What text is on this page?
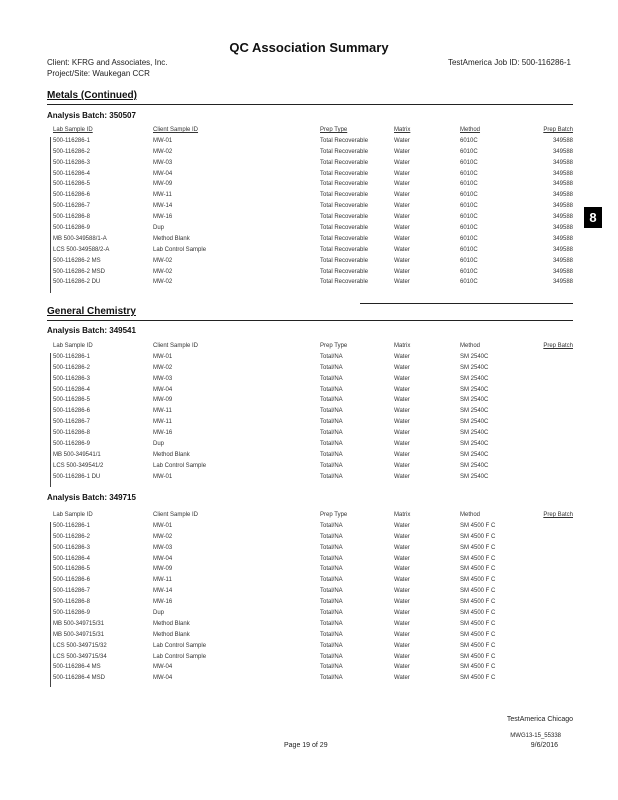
QC Association Summary
Client: KFRG and Associates, Inc.	TestAmerica Job ID: 500-116286-1
Project/Site: Waukegan CCR
Metals (Continued)
Analysis Batch: 350507
Lab Sample ID	Client Sample ID	Prep Type	Matrix	Method	Prep Batch
500-116286-1	MW-01	Total Recoverable	Water	6010C	349588
500-116286-2	MW-02	Total Recoverable	Water	6010C	349588
500-116286-3	MW-03	Total Recoverable	Water	6010C	349588
500-116286-4	MW-04	Total Recoverable	Water	6010C	349588
500-116286-5	MW-09	Total Recoverable	Water	6010C	349588
500-116286-6	MW-11	Total Recoverable	Water	6010C	349588
500-116286-7	MW-14	Total Recoverable	Water	6010C	349588
500-116286-8	MW-16	Total Recoverable	Water	6010C	349588
500-116286-9	Dup	Total Recoverable	Water	6010C	349588
MB 500-349588/1-A	Method Blank	Total Recoverable	Water	6010C	349588
LCS 500-349588/2-A	Lab Control Sample	Total Recoverable	Water	6010C	349588
500-116286-2 MS	MW-02	Total Recoverable	Water	6010C	349588
500-116286-2 MSD	MW-02	Total Recoverable	Water	6010C	349588
500-116286-2 DU	MW-02	Total Recoverable	Water	6010C	349588
8
General Chemistry
Analysis Batch: 349541
Lab Sample ID	Client Sample ID	Prep Type	Matrix	Method	Prep Batch
500-116286-1	MW-01	Total/NA	Water	SM 2540C
500-116286-2	MW-02	Total/NA	Water	SM 2540C
500-116286-3	MW-03	Total/NA	Water	SM 2540C
500-116286-4	MW-04	Total/NA	Water	SM 2540C
500-116286-5	MW-09	Total/NA	Water	SM 2540C
500-116286-6	MW-11	Total/NA	Water	SM 2540C
500-116286-7	MW-11	Total/NA	Water	SM 2540C
500-116286-8	MW-16	Total/NA	Water	SM 2540C
500-116286-9	Dup	Total/NA	Water	SM 2540C
MB 500-349541/1	Method Blank	Total/NA	Water	SM 2540C
LCS 500-349541/2	Lab Control Sample	Total/NA	Water	SM 2540C
500-116286-1 DU	MW-01	Total/NA	Water	SM 2540C
Analysis Batch: 349715
Lab Sample ID	Client Sample ID	Prep Type	Matrix	Method	Prep Batch
500-116286-1	MW-01	Total/NA	Water	SM 4500 F C
500-116286-2	MW-02	Total/NA	Water	SM 4500 F C
500-116286-3	MW-03	Total/NA	Water	SM 4500 F C
500-116286-4	MW-04	Total/NA	Water	SM 4500 F C
500-116286-5	MW-09	Total/NA	Water	SM 4500 F C
500-116286-6	MW-11	Total/NA	Water	SM 4500 F C
500-116286-7	MW-14	Total/NA	Water	SM 4500 F C
500-116286-8	MW-16	Total/NA	Water	SM 4500 F C
500-116286-9	Dup	Total/NA	Water	SM 4500 F C
MB 500-349715/31	Method Blank	Total/NA	Water	SM 4500 F C
MB 500-349715/31	Method Blank	Total/NA	Water	SM 4500 F C
LCS 500-349715/32	Lab Control Sample	Total/NA	Water	SM 4500 F C
LCS 500-349715/34	Lab Control Sample	Total/NA	Water	SM 4500 F C
500-116286-4 MS	MW-04	Total/NA	Water	SM 4500 F C
500-116286-4 MSD	MW-04	Total/NA	Water	SM 4500 F C
TestAmerica Chicago
Page 19 of 29
MWG13-15_55338
9/6/2016
